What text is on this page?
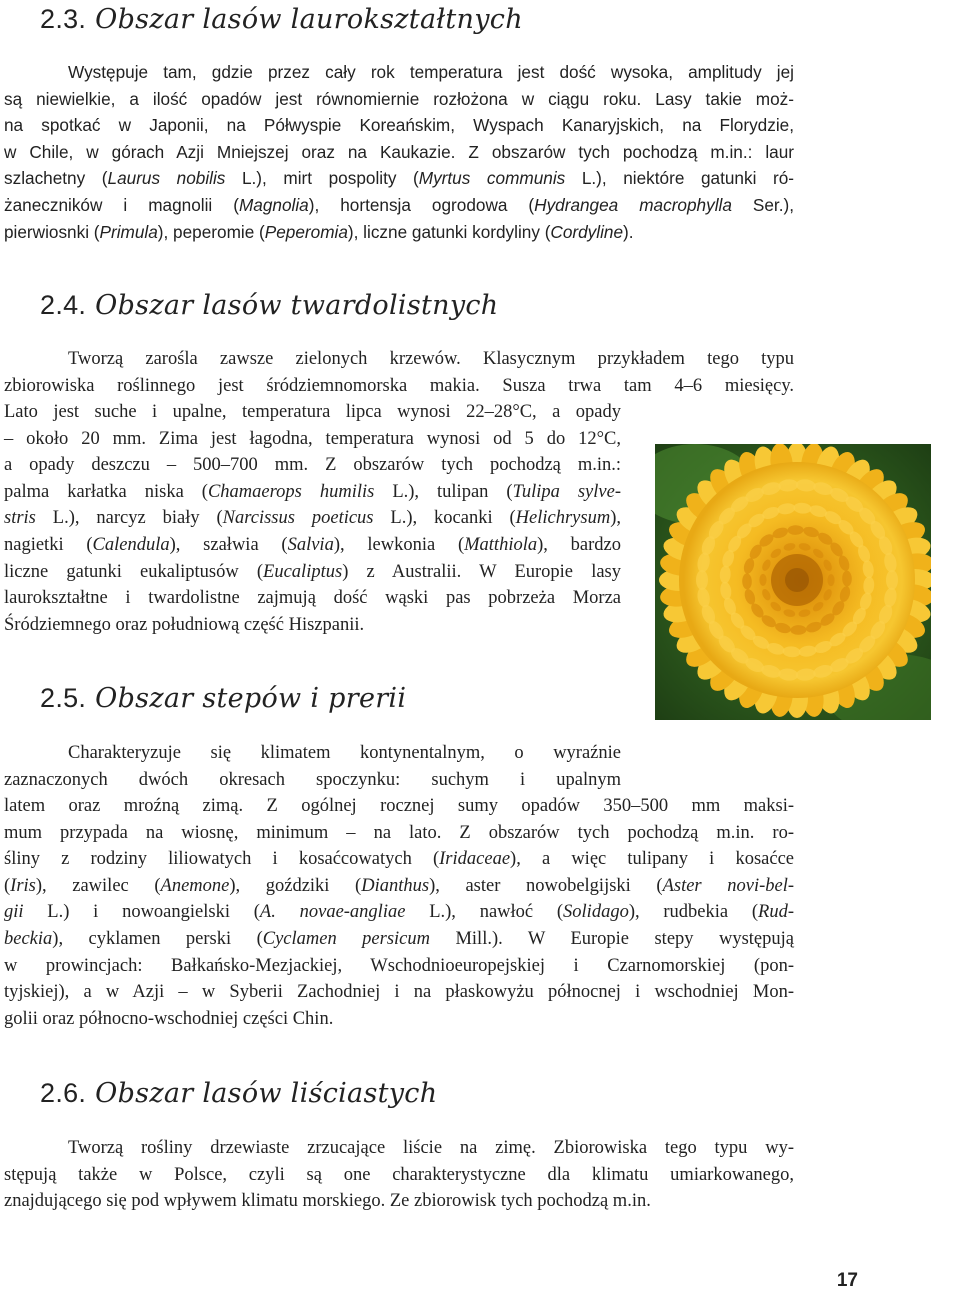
2.3. Obszar lasów laurokształtnych
Występuje tam, gdzie przez cały rok temperatura jest dość wysoka, amplitudy jej
są niewielkie, a ilość opadów jest równomiernie rozłożona w ciągu roku. Lasy takie moż-
na spotkać w Japonii, na Półwyspie Koreańskim, Wyspach Kanaryjskich, na Florydzie,
w Chile, w górach Azji Mniejszej oraz na Kaukazie. Z obszarów tych pochodzą m.in.: laur
szlachetny (Laurus nobilis L.), mirt pospolity (Myrtus communis L.), niektóre gatunki ró-
żaneczników i magnolii (Magnolia), hortensja ogrodowa (Hydrangea macrophylla Ser.),
pierwiosnki (Primula), peperomie (Peperomia), liczne gatunki kordyliny (Cordyline).
2.4. Obszar lasów twardolistnych
Tworzą zarośla zawsze zielonych krzewów. Klasycznym przykładem tego typu
zbiorowiska roślinnego jest śródziemnomorska makia. Susza trwa tam 4–6 miesięcy.
Lato jest suche i upalne, temperatura lipca wynosi 22–28°C, a opady
– około 20 mm. Zima jest łagodna, temperatura wynosi od 5 do 12°C,
a opady deszczu – 500–700 mm. Z obszarów tych pochodzą m.in.:
palma karłatka niska (Chamaerops humilis L.), tulipan (Tulipa sylve-
stris L.), narcyz biały (Narcissus poeticus L.), kocanki (Helichrysum),
nagietki (Calendula), szałwia (Salvia), lewkonia (Matthiola), bardzo
liczne gatunki eukaliptusów (Eucaliptus) z Australii. W Europie lasy
laurokształtne i twardolistne zajmują dość wąski pas pobrzeża Morza
Śródziemnego oraz południową część Hiszpanii.
2.5. Obszar stepów i prerii
Charakteryzuje się klimatem kontynentalnym, o wyraźnie
zaznaczonych dwóch okresach spoczynku: suchym i upalnym
latem oraz mroźną zimą. Z ogólnej rocznej sumy opadów 350–500 mm maksi-
mum przypada na wiosnę, minimum – na lato. Z obszarów tych pochodzą m.in. ro-
śliny z rodziny liliowatych i kosaćcowatych (Iridaceae), a więc tulipany i kosaćce
(Iris), zawilec (Anemone), goździki (Dianthus), aster nowobelgijski (Aster novi-bel-
gii L.) i nowoangielski (A. novae-angliae L.), nawłoć (Solidago), rudbekia (Rud-
beckia), cyklamen perski (Cyclamen persicum Mill.). W Europie stepy występują
w prowincjach: Bałkańsko-Mezjackiej, Wschodnioeuropejskiej i Czarnomorskiej (pon-
tyjskiej), a w Azji – w Syberii Zachodniej i na płaskowyżu północnej i wschodniej Mon-
golii oraz północno-wschodniej części Chin.
2.6. Obszar lasów liściastych
Tworzą rośliny drzewiaste zrzucające liście na zimę. Zbiorowiska tego typu wy-
stępują także w Polsce, czyli są one charakterystyczne dla klimatu umiarkowanego,
znajdującego się pod wpływem klimatu morskiego. Ze zbiorowisk tych pochodzą m.in.
17
